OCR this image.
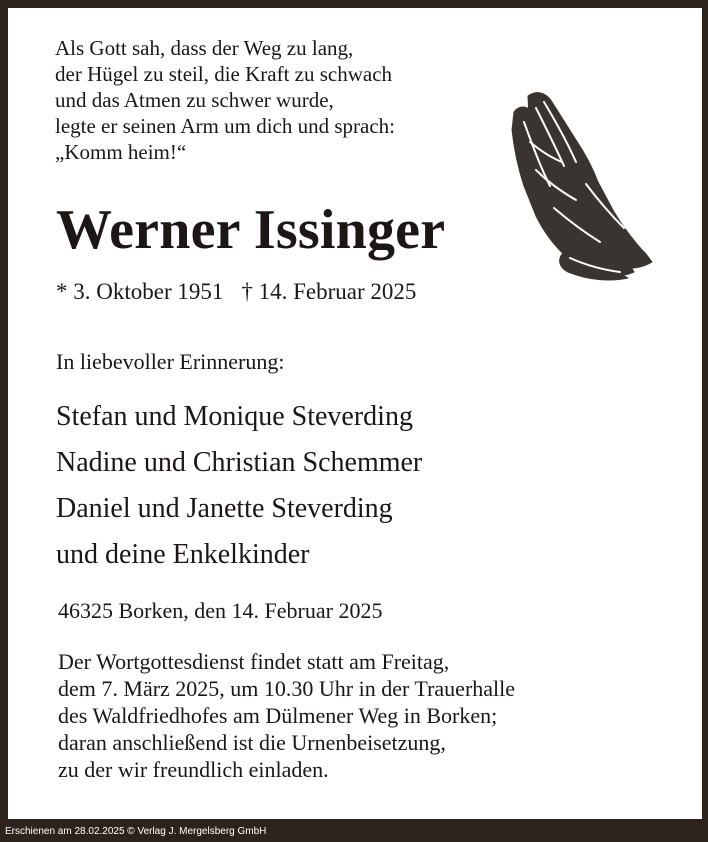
Als Gott sah, dass der Weg zu lang,
der Hügel zu steil, die Kraft zu schwach
und das Atmen zu schwer wurde,
legte er seinen Arm um dich und sprach:
„Komm heim!“
Werner Issinger
* 3. Oktober 1951 † 14. Februar 2025
In liebevoller Erinnerung:
Stefan und Monique Steverding
Nadine und Christian Schemmer
Daniel und Janette Steverding
und deine Enkelkinder
46325 Borken, den 14. Februar 2025
Der Wortgottesdienst findet statt am Freitag,
dem 7. März 2025, um 10.30 Uhr in der Trauerhalle
des Waldfriedhofes am Dülmener Weg in Borken;
daran anschließend ist die Urnenbeisetzung,
zu der wir freundlich einladen.
Erschienen am 28.02.2025 © Verlag J. Mergelsberg GmbH
